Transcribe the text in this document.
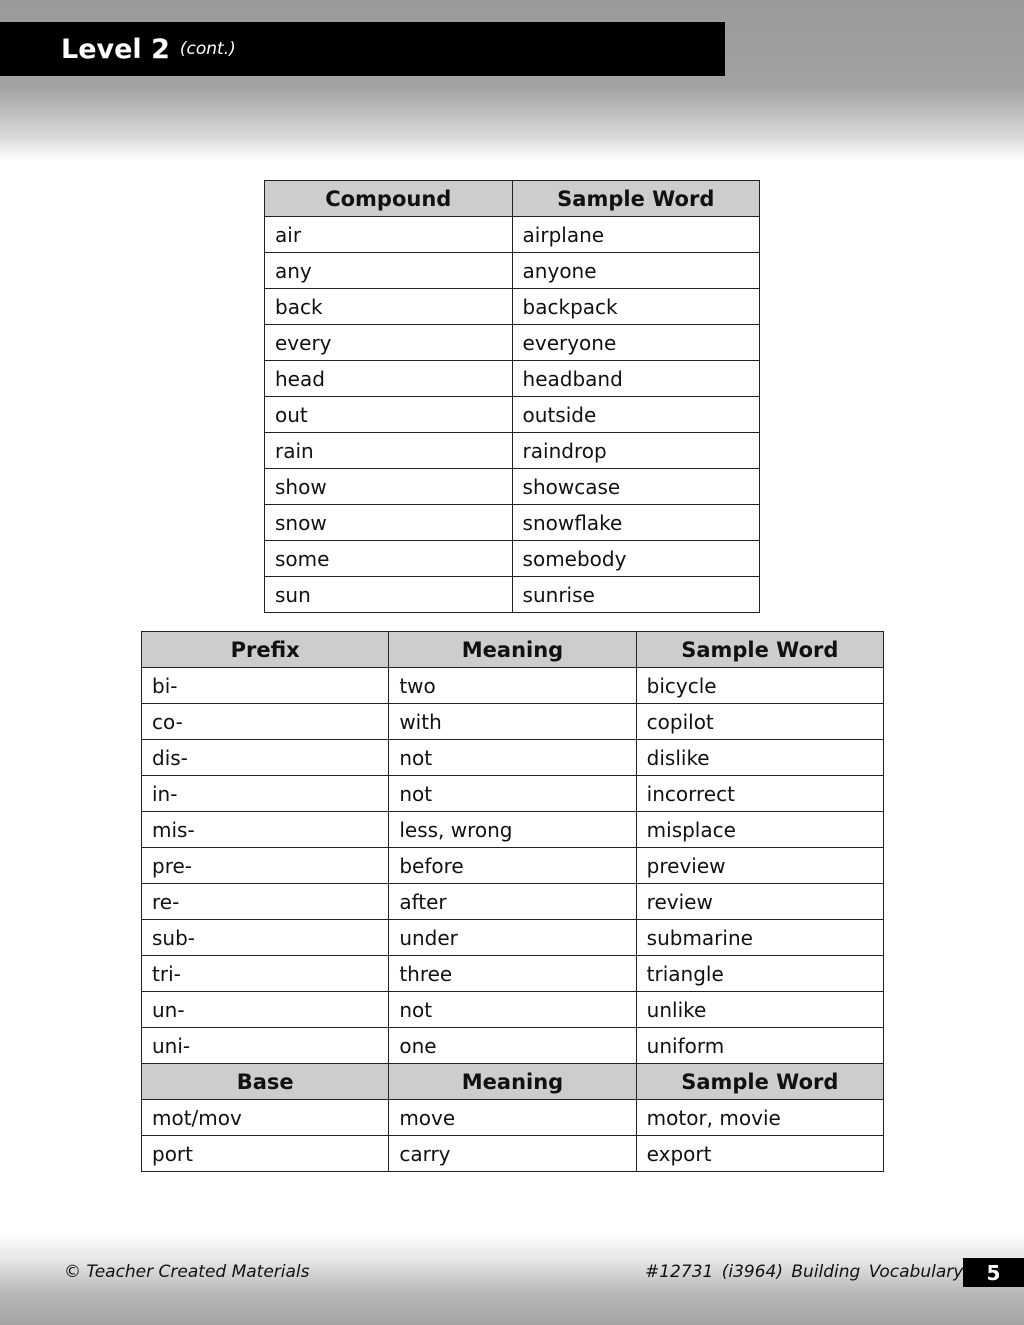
Level 2 (cont.)
Compound	Sample Word
air	airplane
any	anyone
back	backpack
every	everyone
head	headband
out	outside
rain	raindrop
show	showcase
snow	snowflake
some	somebody
sun	sunrise
Prefix	Meaning	Sample Word
bi-	two	bicycle
co-	with	copilot
dis-	not	dislike
in-	not	incorrect
mis-	less, wrong	misplace
pre-	before	preview
re-	after	review
sub-	under	submarine
tri-	three	triangle
un-	not	unlike
uni-	one	uniform
Base	Meaning	Sample Word
mot/mov	move	motor, movie
port	carry	export
© Teacher Created Materials	#12731 (i3964) Building Vocabulary	5
